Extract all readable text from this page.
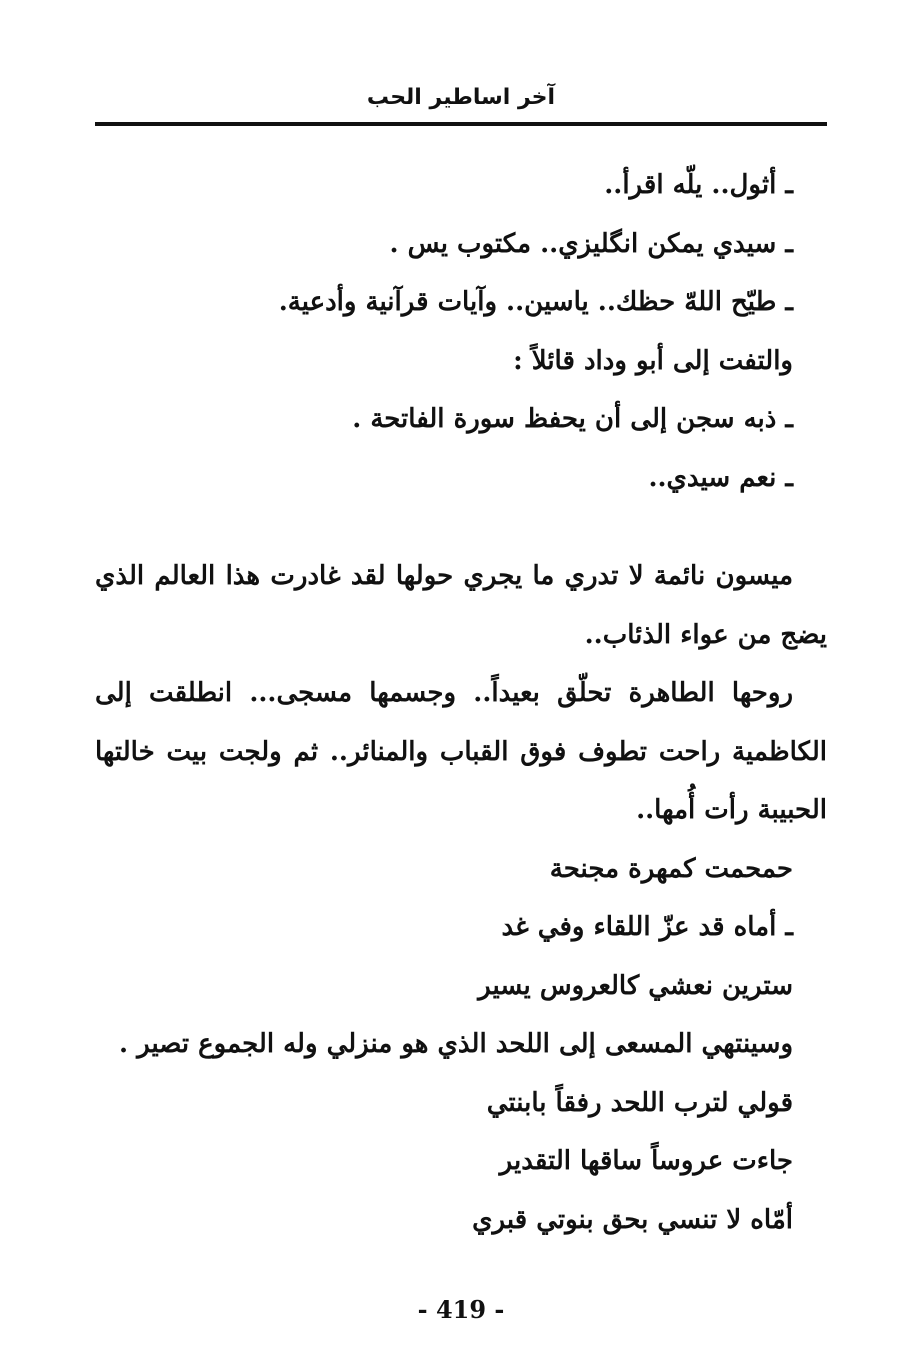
آخر اساطير الحب
ـ أثول.. يلّه اقرأ..
ـ سيدي يمكن انگليزي.. مكتوب يس .
ـ طيّح اللهّ حظك.. ياسين.. وآيات قرآنية وأدعية.
والتفت إلى أبو وداد قائلاً :
ـ ذبه سجن إلى أن يحفظ سورة الفاتحة .
ـ نعم سيدي..
ميسون نائمة لا تدري ما يجري حولها لقد غادرت هذا العالم الذي
يضج من عواء الذئاب..
روحها الطاهرة تحلّق بعيداً.. وجسمها مسجى... انطلقت إلى
الكاظمية راحت تطوف فوق القباب والمنائر.. ثم ولجت بيت خالتها
الحبيبة رأت أُمها..
حمحمت كمهرة مجنحة
ـ أماه قد عزّ اللقاء وفي غد
سترين نعشي كالعروس يسير
وسينتهي المسعى إلى اللحد الذي هو منزلي وله الجموع تصير .
قولي لترب اللحد رفقاً بابنتي
جاءت عروساً ساقها التقدير
أمّاه لا تنسي بحق بنوتي قبري
- 419 -
